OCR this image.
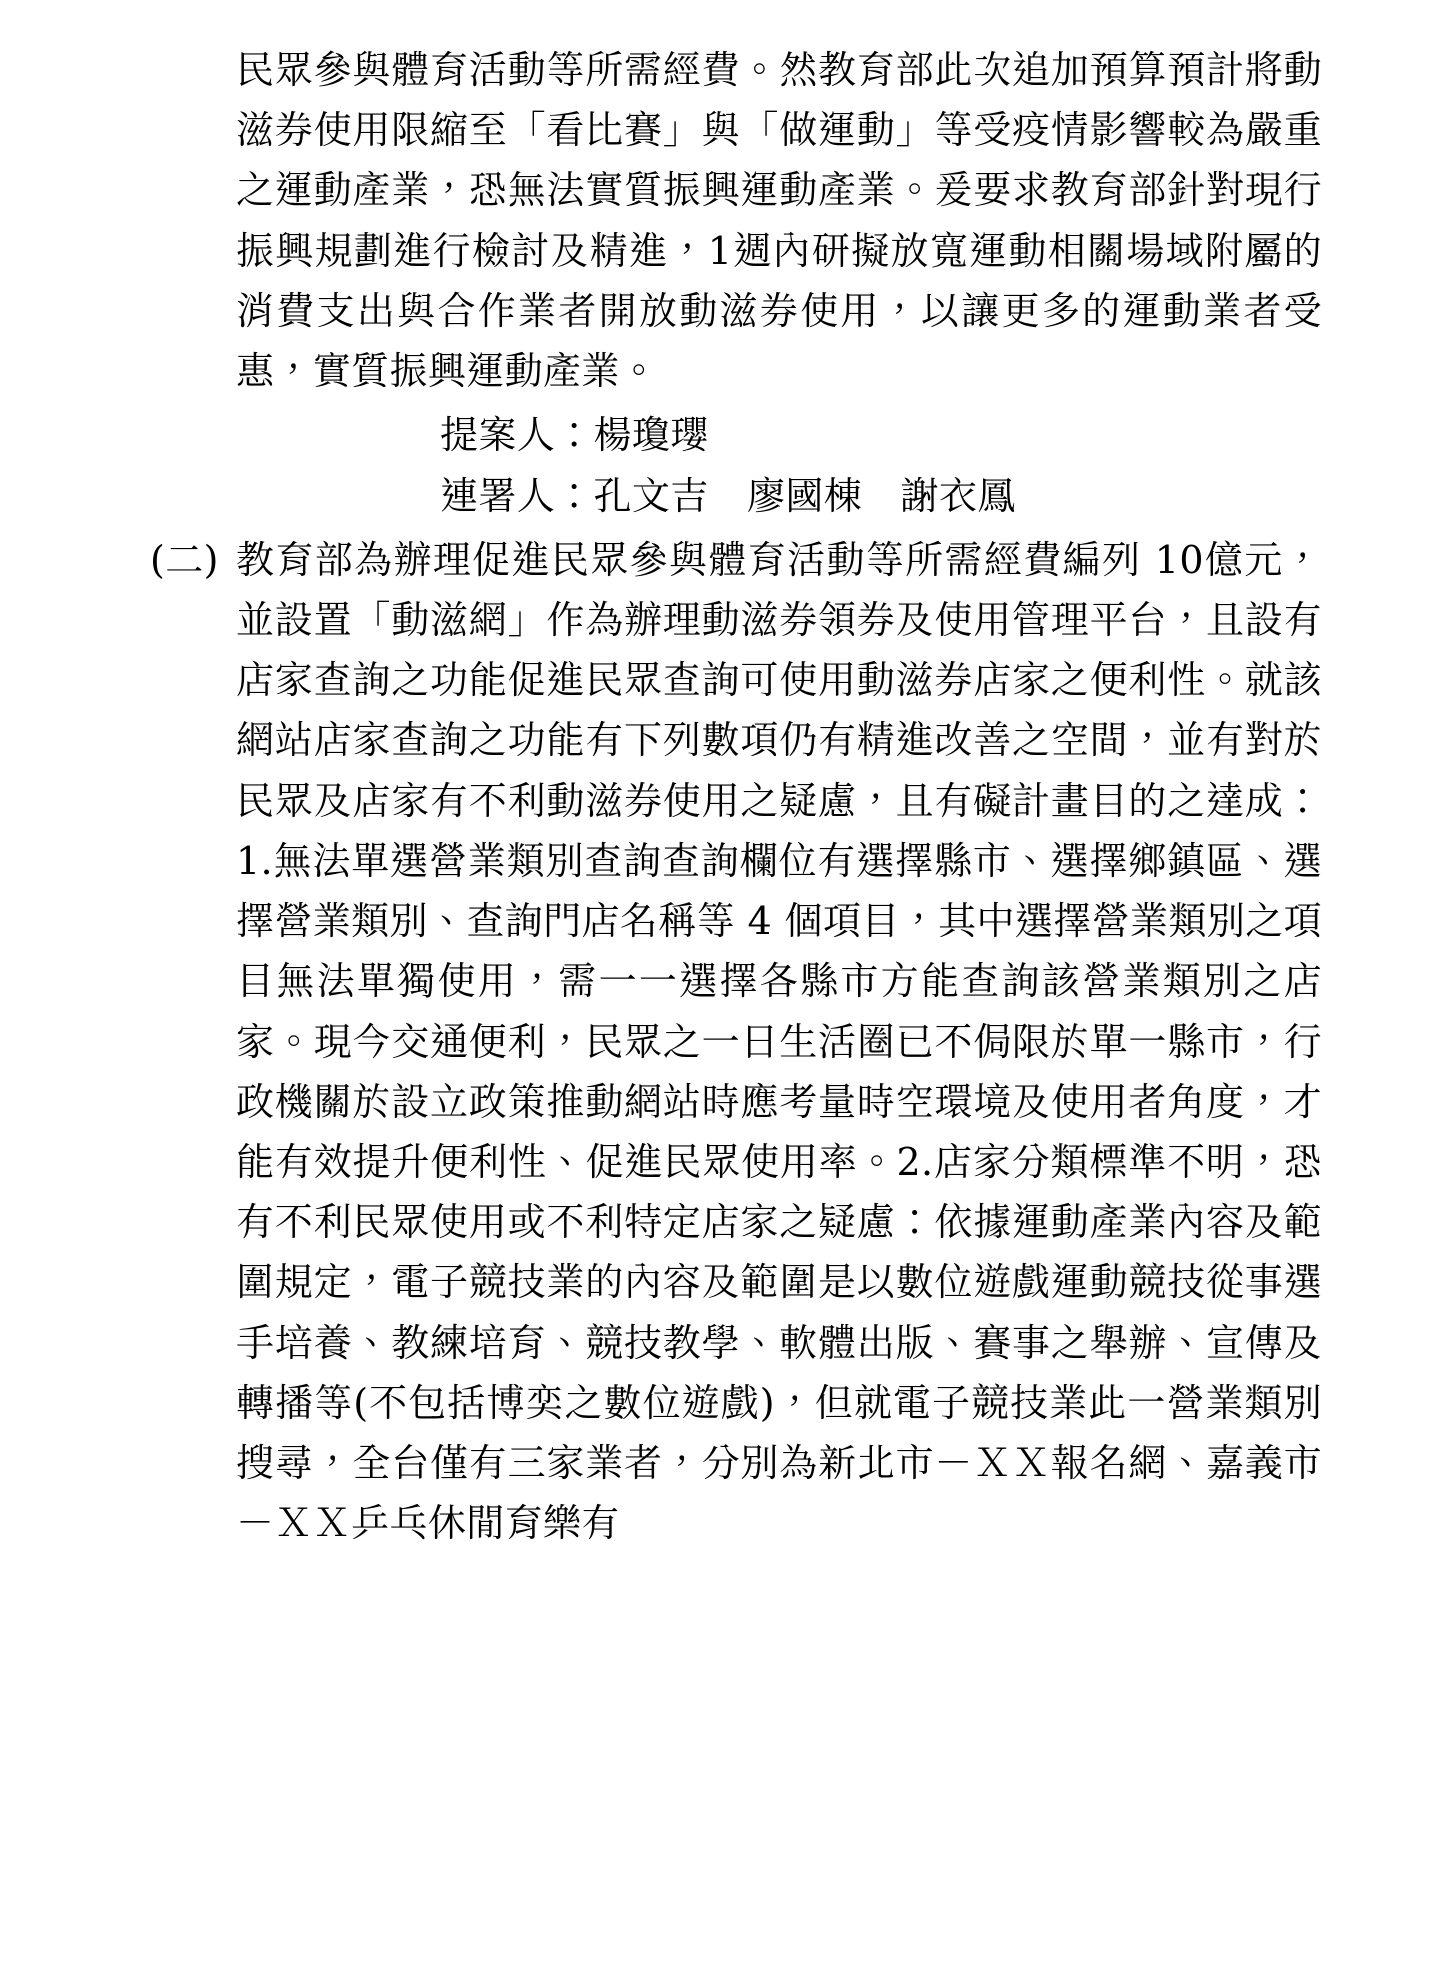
民眾參與體育活動等所需經費。然教育部此次追加預算預計將動滋券使用限縮至「看比賽」與「做運動」等受疫情影響較為嚴重之運動產業，恐無法實質振興運動產業。爰要求教育部針對現行振興規劃進行檢討及精進，1週內研擬放寬運動相關場域附屬的消費支出與合作業者開放動滋券使用，以讓更多的運動業者受惠，實質振興運動產業。

提案人：楊瓊瓔

連署人：孔文吉　廖國棟　謝衣鳳

(二) 教育部為辦理促進民眾參與體育活動等所需經費編列 10億元，並設置「動滋網」作為辦理動滋券領券及使用管理平台，且設有店家查詢之功能促進民眾查詢可使用動滋券店家之便利性。就該網站店家查詢之功能有下列數項仍有精進改善之空間，並有對於民眾及店家有不利動滋券使用之疑慮，且有礙計畫目的之達成：1.無法單選營業類別查詢查詢欄位有選擇縣市、選擇鄉鎮區、選擇營業類別、查詢門店名稱等 4 個項目，其中選擇營業類別之項目無法單獨使用，需一一選擇各縣市方能查詢該營業類別之店家。現今交通便利，民眾之一日生活圈已不侷限於單一縣市，行政機關於設立政策推動網站時應考量時空環境及使用者角度，才能有效提升便利性、促進民眾使用率。2.店家分類標準不明，恐有不利民眾使用或不利特定店家之疑慮：依據運動產業內容及範圍規定，電子競技業的內容及範圍是以數位遊戲運動競技從事選手培養、教練培育、競技教學、軟體出版、賽事之舉辦、宣傳及轉播等(不包括博奕之數位遊戲)，但就電子競技業此一營業類別搜尋，全台僅有三家業者，分別為新北市－ＸＸ報名網、嘉義市－ＸＸ乒乓休閒育樂有
